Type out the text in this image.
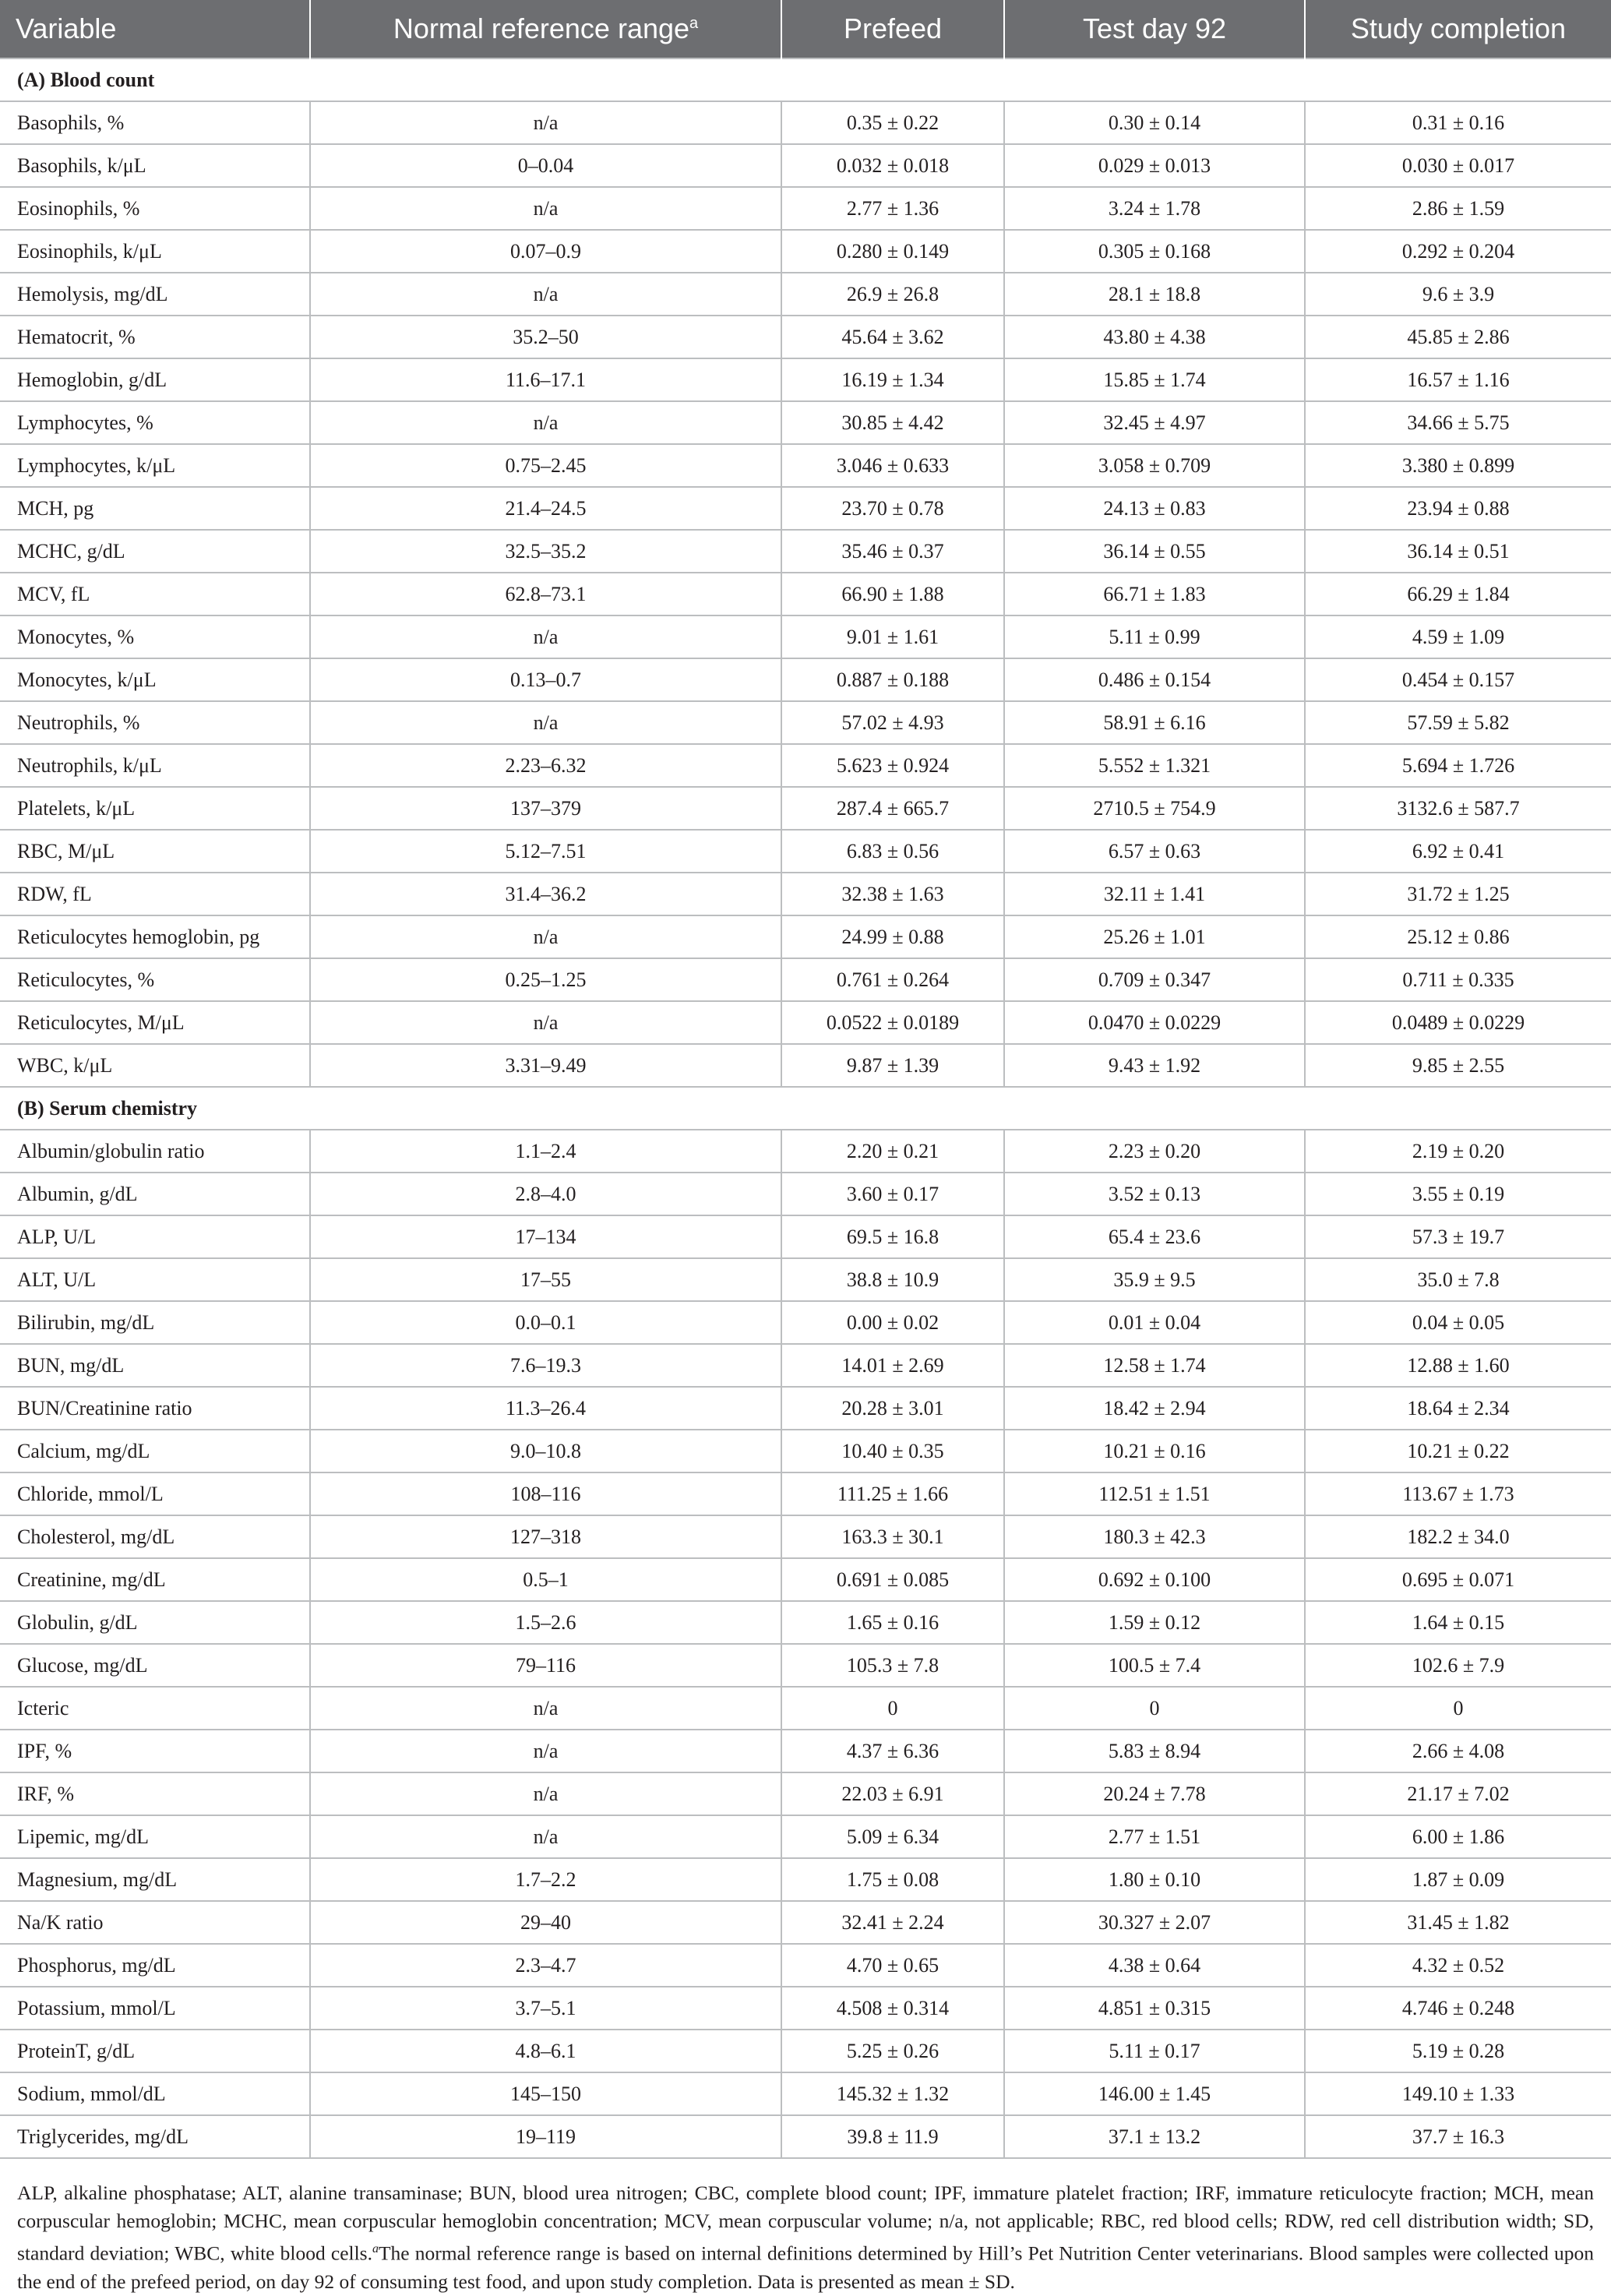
Variable	Normal reference range$^a$	Prefeed	Test day 92	Study completion
(A) Blood count				
Basophils, %	n/a	0.35 ± 0.22	0.30 ± 0.14	0.31 ± 0.16
Basophils, k/μL	0–0.04	0.032 ± 0.018	0.029 ± 0.013	0.030 ± 0.017
Eosinophils, %	n/a	2.77 ± 1.36	3.24 ± 1.78	2.86 ± 1.59
Eosinophils, k/μL	0.07–0.9	0.280 ± 0.149	0.305 ± 0.168	0.292 ± 0.204
Hemolysis, mg/dL	n/a	26.9 ± 26.8	28.1 ± 18.8	9.6 ± 3.9
Hematocrit, %	35.2–50	45.64 ± 3.62	43.80 ± 4.38	45.85 ± 2.86
Hemoglobin, g/dL	11.6–17.1	16.19 ± 1.34	15.85 ± 1.74	16.57 ± 1.16
Lymphocytes, %	n/a	30.85 ± 4.42	32.45 ± 4.97	34.66 ± 5.75
Lymphocytes, k/μL	0.75–2.45	3.046 ± 0.633	3.058 ± 0.709	3.380 ± 0.899
MCH, pg	21.4–24.5	23.70 ± 0.78	24.13 ± 0.83	23.94 ± 0.88
MCHC, g/dL	32.5–35.2	35.46 ± 0.37	36.14 ± 0.55	36.14 ± 0.51
MCV, fL	62.8–73.1	66.90 ± 1.88	66.71 ± 1.83	66.29 ± 1.84
Monocytes, %	n/a	9.01 ± 1.61	5.11 ± 0.99	4.59 ± 1.09
Monocytes, k/μL	0.13–0.7	0.887 ± 0.188	0.486 ± 0.154	0.454 ± 0.157
Neutrophils, %	n/a	57.02 ± 4.93	58.91 ± 6.16	57.59 ± 5.82
Neutrophils, k/μL	2.23–6.32	5.623 ± 0.924	5.552 ± 1.321	5.694 ± 1.726
Platelets, k/μL	137–379	287.4 ± 665.7	2710.5 ± 754.9	3132.6 ± 587.7
RBC, M/μL	5.12–7.51	6.83 ± 0.56	6.57 ± 0.63	6.92 ± 0.41
RDW, fL	31.4–36.2	32.38 ± 1.63	32.11 ± 1.41	31.72 ± 1.25
Reticulocytes hemoglobin, pg	n/a	24.99 ± 0.88	25.26 ± 1.01	25.12 ± 0.86
Reticulocytes, %	0.25–1.25	0.761 ± 0.264	0.709 ± 0.347	0.711 ± 0.335
Reticulocytes, M/μL	n/a	0.0522 ± 0.0189	0.0470 ± 0.0229	0.0489 ± 0.0229
WBC, k/μL	3.31–9.49	9.87 ± 1.39	9.43 ± 1.92	9.85 ± 2.55
(B) Serum chemistry				
Albumin/globulin ratio	1.1–2.4	2.20 ± 0.21	2.23 ± 0.20	2.19 ± 0.20
Albumin, g/dL	2.8–4.0	3.60 ± 0.17	3.52 ± 0.13	3.55 ± 0.19
ALP, U/L	17–134	69.5 ± 16.8	65.4 ± 23.6	57.3 ± 19.7
ALT, U/L	17–55	38.8 ± 10.9	35.9 ± 9.5	35.0 ± 7.8
Bilirubin, mg/dL	0.0–0.1	0.00 ± 0.02	0.01 ± 0.04	0.04 ± 0.05
BUN, mg/dL	7.6–19.3	14.01 ± 2.69	12.58 ± 1.74	12.88 ± 1.60
BUN/Creatinine ratio	11.3–26.4	20.28 ± 3.01	18.42 ± 2.94	18.64 ± 2.34
Calcium, mg/dL	9.0–10.8	10.40 ± 0.35	10.21 ± 0.16	10.21 ± 0.22
Chloride, mmol/L	108–116	111.25 ± 1.66	112.51 ± 1.51	113.67 ± 1.73
Cholesterol, mg/dL	127–318	163.3 ± 30.1	180.3 ± 42.3	182.2 ± 34.0
Creatinine, mg/dL	0.5–1	0.691 ± 0.085	0.692 ± 0.100	0.695 ± 0.071
Globulin, g/dL	1.5–2.6	1.65 ± 0.16	1.59 ± 0.12	1.64 ± 0.15
Glucose, mg/dL	79–116	105.3 ± 7.8	100.5 ± 7.4	102.6 ± 7.9
Icteric	n/a	0	0	0
IPF, %	n/a	4.37 ± 6.36	5.83 ± 8.94	2.66 ± 4.08
IRF, %	n/a	22.03 ± 6.91	20.24 ± 7.78	21.17 ± 7.02
Lipemic, mg/dL	n/a	5.09 ± 6.34	2.77 ± 1.51	6.00 ± 1.86
Magnesium, mg/dL	1.7–2.2	1.75 ± 0.08	1.80 ± 0.10	1.87 ± 0.09
Na/K ratio	29–40	32.41 ± 2.24	30.327 ± 2.07	31.45 ± 1.82
Phosphorus, mg/dL	2.3–4.7	4.70 ± 0.65	4.38 ± 0.64	4.32 ± 0.52
Potassium, mmol/L	3.7–5.1	4.508 ± 0.314	4.851 ± 0.315	4.746 ± 0.248
ProteinT, g/dL	4.8–6.1	5.25 ± 0.26	5.11 ± 0.17	5.19 ± 0.28
Sodium, mmol/dL	145–150	145.32 ± 1.32	146.00 ± 1.45	149.10 ± 1.33
Triglycerides, mg/dL	19–119	39.8 ± 11.9	37.1 ± 13.2	37.7 ± 16.3
ALP, alkaline phosphatase; ALT, alanine transaminase; BUN, blood urea nitrogen; CBC, complete blood count; IPF, immature platelet fraction; IRF, immature reticulocyte fraction; MCH, mean corpuscular hemoglobin; MCHC, mean corpuscular hemoglobin concentration; MCV, mean corpuscular volume; n/a, not applicable; RBC, red blood cells; RDW, red cell distribution width; SD, standard deviation; WBC, white blood cells.$^a$The normal reference range is based on internal definitions determined by Hill’s Pet Nutrition Center veterinarians. Blood samples were collected upon the end of the prefeed period, on day 92 of consuming test food, and upon study completion. Data is presented as mean ± SD.
